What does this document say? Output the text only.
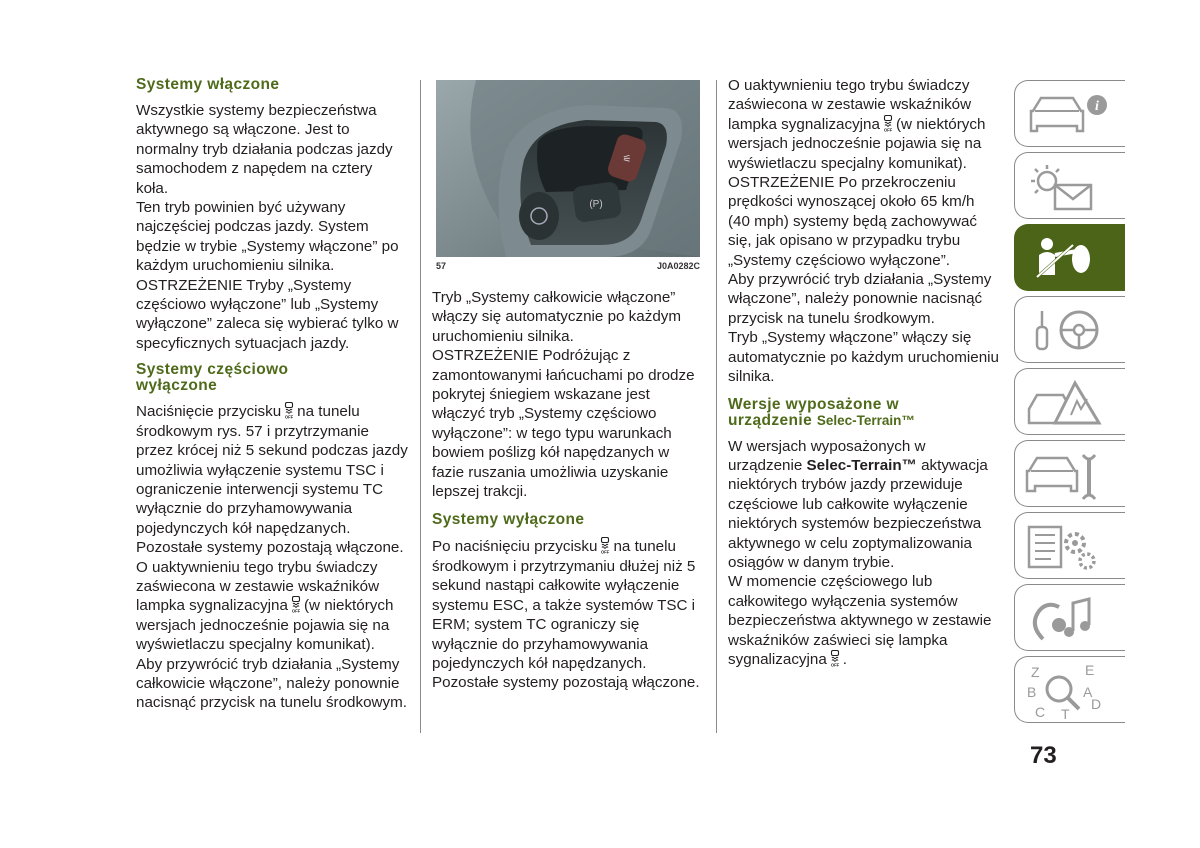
Systemy włączone

Wszystkie systemy bezpieczeństwa aktywnego są włączone. Jest to normalny tryb działania podczas jazdy samochodem z napędem na cztery koła.

Ten tryb powinien być używany najczęściej podczas jazdy. System będzie w trybie „Systemy włączone” po każdym uruchomieniu silnika.

OSTRZEŻENIE Tryby „Systemy częściowo wyłączone” lub „Systemy wyłączone” zaleca się wybierać tylko w specyficznych sytuacjach jazdy.

Systemy częściowo
wyłączone

Naciśnięcie przycisku na tunelu środkowym rys. 57 i przytrzymanie przez krócej niż 5 sekund podczas jazdy umożliwia wyłączenie systemu TSC i ograniczenie interwencji systemu TC wyłącznie do przyhamowywania pojedynczych kół napędzanych.

Pozostałe systemy pozostają włączone.

O uaktywnieniu tego trybu świadczy zaświecona w zestawie wskaźników lampka sygnalizacyjna (w niektórych wersjach jednocześnie pojawia się na wyświetlaczu specjalny komunikat).

Aby przywrócić tryb działania „Systemy całkowicie włączone”, należy ponownie nacisnąć przycisk na tunelu środkowym.

⚟
(P)
57	J0A0282C

Tryb „Systemy całkowicie włączone” włączy się automatycznie po każdym uruchomieniu silnika.

OSTRZEŻENIE Podróżując z zamontowanymi łańcuchami po drodze pokrytej śniegiem wskazane jest włączyć tryb „Systemy częściowo wyłączone”: w tego typu warunkach bowiem poślizg kół napędzanych w fazie ruszania umożliwia uzyskanie lepszej trakcji.

Systemy wyłączone

Po naciśnięciu przycisku na tunelu środkowym i przytrzymaniu dłużej niż 5 sekund nastąpi całkowite wyłączenie systemu ESC, a także systemów TSC i ERM; system TC ograniczy się wyłącznie do przyhamowywania pojedynczych kół napędzanych.

Pozostałe systemy pozostają włączone.

O uaktywnieniu tego trybu świadczy zaświecona w zestawie wskaźników lampka sygnalizacyjna (w niektórych wersjach jednocześnie pojawia się na wyświetlaczu specjalny komunikat).

OSTRZEŻENIE Po przekroczeniu prędkości wynoszącej około 65 km/h (40 mph) systemy będą zachowywać się, jak opisano w przypadku trybu „Systemy częściowo wyłączone”.

Aby przywrócić tryb działania „Systemy włączone”, należy ponownie nacisnąć przycisk na tunelu środkowym.

Tryb „Systemy włączone” włączy się automatycznie po każdym uruchomieniu silnika.

Wersje wyposażone w
urządzenie Selec-Terrain™

W wersjach wyposażonych w urządzenie Selec-Terrain™ aktywacja niektórych trybów jazdy przewiduje częściowe lub całkowite wyłączenie niektórych systemów bezpieczeństwa aktywnego w celu zoptymalizowania osiągów w danym trybie.

W momencie częściowego lub całkowitego wyłączenia systemów bezpieczeństwa aktywnego w zestawie wskaźników zaświeci się lampka sygnalizacyjna .

i
Z	E
B
C
A
T
D
73
